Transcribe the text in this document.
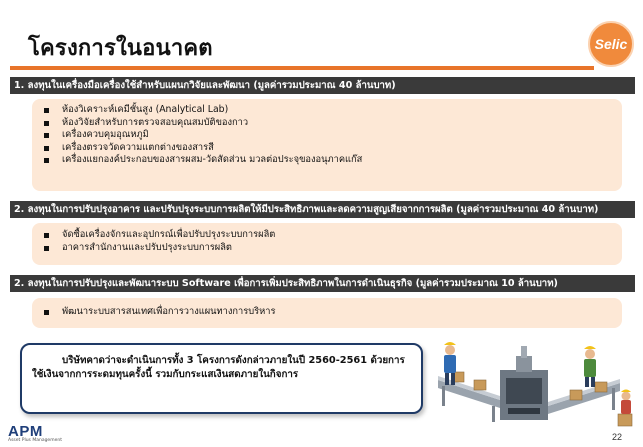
โครงการในอนาคต	Selic
1. ลงทุนในเครื่องมือเครื่องใช้สำหรับแผนกวิจัยและพัฒนา (มูลค่ารวมประมาณ 40 ล้านบาท)
ห้องวิเคราะห์เคมีชั้นสูง (Analytical Lab)
ห้องวิจัยสำหรับการตรวจสอบคุณสมบัติของกาว
เครื่องควบคุมอุณหภูมิ
เครื่องตรวจวัดความแตกต่างของสารสี
เครื่องแยกองค์ประกอบของสารผสม-วัดสัดส่วน มวลต่อประจุของอนุภาคแก๊ส
2. ลงทุนในการปรับปรุงอาคาร และปรับปรุงระบบการผลิตให้มีประสิทธิภาพและลดความสูญเสียจากการผลิต (มูลค่ารวมประมาณ 40 ล้านบาท)
จัดซื้อเครื่องจักรและอุปกรณ์เพื่อปรับปรุงระบบการผลิต
อาคารสำนักงานและปรับปรุงระบบการผลิต
2. ลงทุนในการปรับปรุงและพัฒนาระบบ Software เพื่อการเพิ่มประสิทธิภาพในการดำเนินธุรกิจ (มูลค่ารวมประมาณ 10 ล้านบาท)
พัฒนาระบบสารสนเทศเพื่อการวางแผนทางการบริหาร

บริษัทคาดว่าจะดำเนินการทั้ง 3 โครงการดังกล่าวภายในปี 2560-2561 ด้วยการใช้เงินจากการระดมทุนครั้งนี้ รวมกับกระแสเงินสดภายในกิจการ

APM
Asset Plus Management	22
